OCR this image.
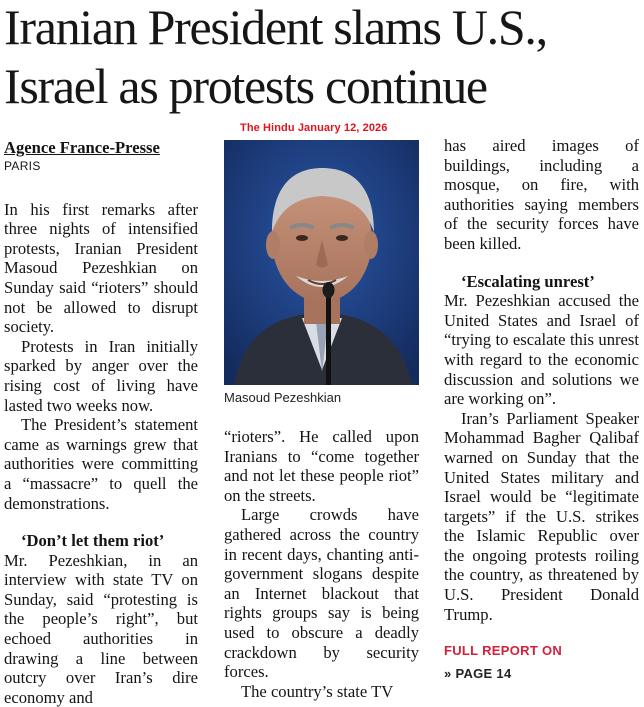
Iranian President slams U.S.,
Israel as protests continue
The Hindu January 12, 2026

Agence France-Presse

PARIS

In his first remarks after three nights of intensified protests, Iranian President Masoud Pezeshkian on Sunday said “rioters” should not be allowed to disrupt society.

Protests in Iran initially sparked by anger over the rising cost of living have lasted two weeks now.

The President’s statement came as warnings grew that authorities were committing a “massacre” to quell the demonstrations.

‘Don’t let them riot’

Mr. Pezeshkian, in an interview with state TV on Sunday, said “protesting is the people’s right”, but echoed authorities in drawing a line between outcry over Iran’s dire economy and

Masoud Pezeshkian

“rioters”. He called upon Iranians to “come together and not let these people riot” on the streets.

Large crowds have gathered across the country in recent days, chanting anti-government slogans despite an Internet blackout that rights groups say is being used to obscure a deadly crackdown by security forces.

The country’s state TV

has aired images of buildings, including a mosque, on fire, with authorities saying members of the security forces have been killed.

‘Escalating unrest’

Mr. Pezeshkian accused the United States and Israel of “trying to escalate this unrest with regard to the economic discussion and solutions we are working on”.

Iran’s Parliament Speaker Mohammad Bagher Qalibaf warned on Sunday that the United States military and Israel would be “legitimate targets” if the U.S. strikes the Islamic Republic over the ongoing protests roiling the country, as threatened by U.S. President Donald Trump.

FULL REPORT ON
» PAGE 14
